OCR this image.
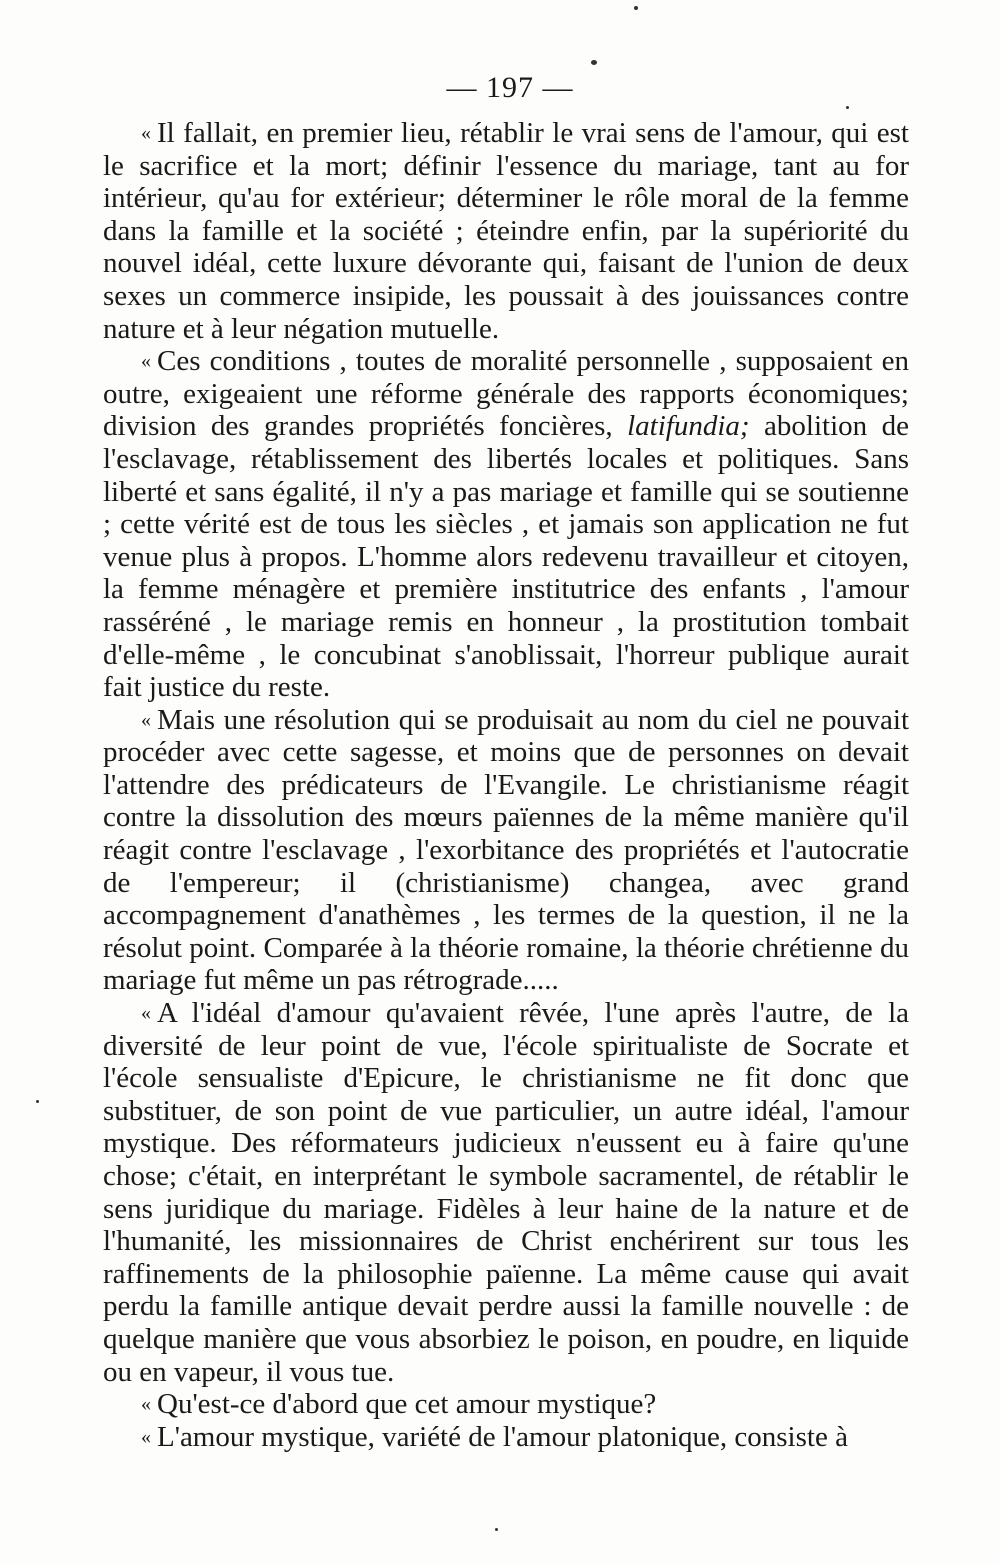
— 197 —

« Il fallait, en premier lieu, rétablir le vrai sens de l'amour, qui est le sacrifice et la mort; définir l'essence du mariage, tant au for intérieur, qu'au for extérieur; déterminer le rôle moral de la femme dans la famille et la société ; éteindre enfin, par la supériorité du nouvel idéal, cette luxure dévorante qui, faisant de l'union de deux sexes un commerce insipide, les poussait à des jouissances contre nature et à leur négation mutuelle.

« Ces conditions , toutes de moralité personnelle , supposaient en outre, exigeaient une réforme générale des rapports économiques; division des grandes propriétés foncières, latifundia; abolition de l'esclavage, rétablissement des libertés locales et politiques. Sans liberté et sans égalité, il n'y a pas mariage et famille qui se soutienne ; cette vérité est de tous les siècles , et jamais son application ne fut venue plus à propos. L'homme alors redevenu travailleur et citoyen, la femme ménagère et première institutrice des enfants , l'amour rasséréné , le mariage remis en honneur , la prostitution tombait d'elle-même , le concubinat s'anoblissait, l'horreur publique aurait fait justice du reste.

« Mais une résolution qui se produisait au nom du ciel ne pouvait procéder avec cette sagesse, et moins que de personnes on devait l'attendre des prédicateurs de l'Evangile. Le christianisme réagit contre la dissolution des mœurs païennes de la même manière qu'il réagit contre l'esclavage , l'exorbitance des propriétés et l'autocratie de l'empereur; il (christianisme) changea, avec grand accompagnement d'anathèmes , les termes de la question, il ne la résolut point. Comparée à la théorie romaine, la théorie chrétienne du mariage fut même un pas rétrograde.....

« A l'idéal d'amour qu'avaient rêvée, l'une après l'autre, de la diversité de leur point de vue, l'école spiritualiste de Socrate et l'école sensualiste d'Epicure, le christianisme ne fit donc que substituer, de son point de vue particulier, un autre idéal, l'amour mystique. Des réformateurs judicieux n'eussent eu à faire qu'une chose; c'était, en interprétant le symbole sacramentel, de rétablir le sens juridique du mariage. Fidèles à leur haine de la nature et de l'humanité, les missionnaires de Christ enchérirent sur tous les raffinements de la philosophie païenne. La même cause qui avait perdu la famille antique devait perdre aussi la famille nouvelle : de quelque manière que vous absorbiez le poison, en poudre, en liquide ou en vapeur, il vous tue.

« Qu'est-ce d'abord que cet amour mystique?

« L'amour mystique, variété de l'amour platonique, consiste à
